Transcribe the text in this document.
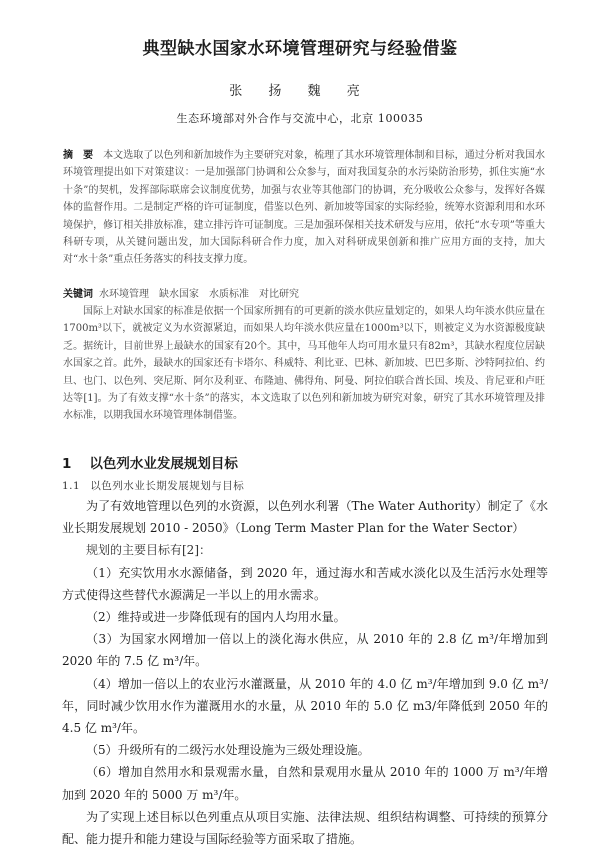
典型缺水国家水环境管理研究与经验借鉴
张 扬 魏 亮
生态环境部对外合作与交流中心，北京 100035
摘　要 本文选取了以色列和新加坡作为主要研究对象，梳理了其水环境管理体制和目标，通过分析对我国水环境管理提出如下对策建议：一是加强部门协调和公众参与，面对我国复杂的水污染防治形势，抓住实施“水十条”的契机，发挥部际联席会议制度优势，加强与农业等其他部门的协调，充分吸收公众参与，发挥好各媒体的监督作用。二是制定严格的许可证制度，借鉴以色列、新加坡等国家的实际经验，统筹水资源利用和水环境保护，修订相关排放标准，建立排污许可证制度。三是加强环保相关技术研发与应用，依托“水专项”等重大科研专项，从关键问题出发，加大国际科研合作力度，加入对科研成果创新和推广应用方面的支持，加大对“水十条”重点任务落实的科技支撑力度。
关键词 水环境管理　缺水国家　水质标准　对比研究
国际上对缺水国家的标准是依据一个国家所拥有的可更新的淡水供应量划定的，如果人均年淡水供应量在1700m³以下，就被定义为水资源紧迫，而如果人均年淡水供应量在1000m³以下，则被定义为水资源极度缺乏。据统计，目前世界上最缺水的国家有20个。其中，马耳他年人均可用水量只有82m³，其缺水程度位居缺水国家之首。此外，最缺水的国家还有卡塔尔、科威特、利比亚、巴林、新加坡、巴巴多斯、沙特阿拉伯、约旦、也门、以色列、突尼斯、阿尔及利亚、布隆迪、佛得角、阿曼、阿拉伯联合酋长国、埃及、肯尼亚和卢旺达等[1]。为了有效支撑“水十条”的落实，本文选取了以色列和新加坡为研究对象，研究了其水环境管理及排水标准，以期我国水环境管理体制借鉴。
1 以色列水业发展规划目标
1.1 以色列水业长期发展规划与目标

为了有效地管理以色列的水资源，以色列水利署（The Water Authority）制定了《水业长期发展规划 2010 - 2050》（Long Term Master Plan for the Water Sector）

规划的主要目标有[2]：

（1）充实饮用水水源储备，到 2020 年，通过海水和苦咸水淡化以及生活污水处理等方式使得这些替代水源满足一半以上的用水需求。

（2）维持或进一步降低现有的国内人均用水量。

（3）为国家水网增加一倍以上的淡化海水供应，从 2010 年的 2.8 亿 m³/年增加到 2020 年的 7.5 亿 m³/年。

（4）增加一倍以上的农业污水灌溉量，从 2010 年的 4.0 亿 m³/年增加到 9.0 亿 m³/年，同时减少饮用水作为灌溉用水的水量，从 2010 年的 5.0 亿 m3/年降低到 2050 年的 4.5 亿 m³/年。

（5）升级所有的二级污水处理设施为三级处理设施。

（6）增加自然用水和景观需水量，自然和景观用水量从 2010 年的 1000 万 m³/年增加到 2020 年的 5000 万 m³/年。

为了实现上述目标以色列重点从项目实施、法律法规、组织结构调整、可持续的预算分配、能力提升和能力建设与国际经验等方面采取了措施。
